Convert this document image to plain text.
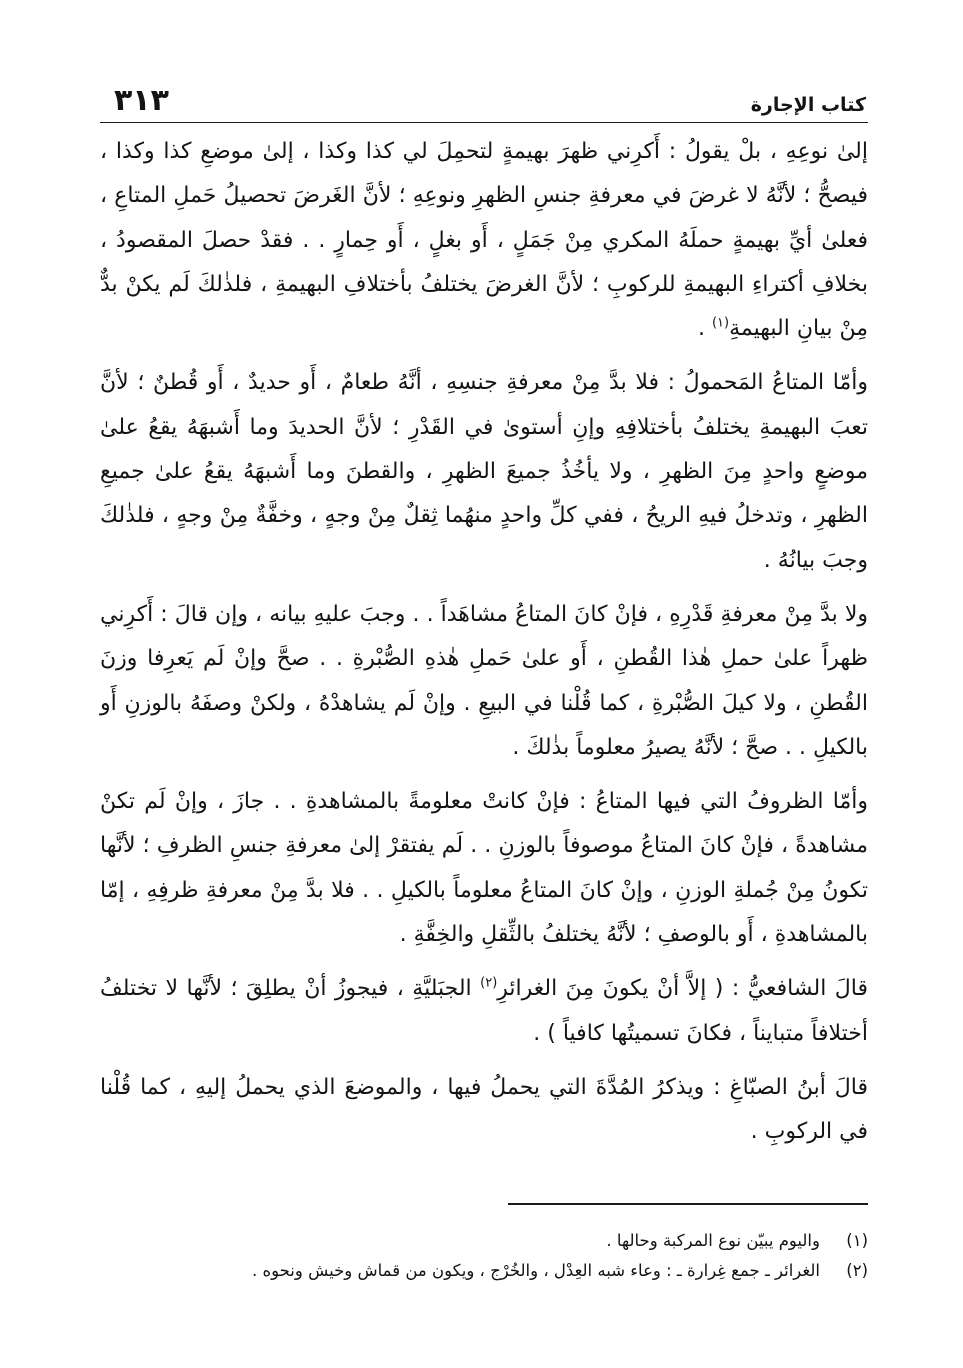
٣١٣	كتاب الإجارة

إلىٰ نوعِهِ ، بلْ يقولُ : أَكرِني ظهرَ بهيمةٍ لتحمِلَ لي كذا وكذا ، إلىٰ موضعِ كذا وكذا ، فيصحُّ ؛ لأنَّهُ لا غرضَ في معرفةِ جنسِ الظهرِ ونوعِهِ ؛ لأنَّ الغَرضَ تحصيلُ حَملِ المتاعِ ، فعلىٰ أيِّ بهيمةٍ حملَهُ المكري مِنْ جَمَلٍ ، أَو بغلٍ ، أَو حِمارٍ . . فقدْ حصلَ المقصودُ ، بخلافِ أكتراءِ البهيمةِ للركوبِ ؛ لأنَّ الغرضَ يختلفُ بأختلافِ البهيمةِ ، فلذٰلكَ لَم يكنْ بدٌّ مِنْ بيانِ البهيمةِ$^{(١)}$ .

وأمّا المتاعُ المَحمولُ : فلا بدَّ مِنْ معرفةِ جنسِهِ ، أنَّهُ طعامٌ ، أَو حديدٌ ، أَو قُطنٌ ؛ لأنَّ تعبَ البهيمةِ يختلفُ بأختلافِهِ وإنِ أستوىٰ في القَدْرِ ؛ لأنَّ الحديدَ وما أَشبهَهُ يقعُ علىٰ موضعٍ واحدٍ مِنَ الظهرِ ، ولا يأخُذُ جميعَ الظهرِ ، والقطنَ وما أَشبهَهُ يقعُ علىٰ جميعِ الظهرِ ، وتدخلُ فيهِ الريحُ ، ففي كلِّ واحدٍ منهُما ثِقلٌ مِنْ وجهٍ ، وخفَّةٌ مِنْ وجهٍ ، فلذٰلكَ وجبَ بيانُهُ .

ولا بدَّ مِنْ معرفةِ قَدْرِهِ ، فإنْ كانَ المتاعُ مشاهَداً . . وجبَ عليهِ بيانه ، وإن قالَ : أَكرِني ظهراً علىٰ حملِ هٰذا القُطنِ ، أَو علىٰ حَملِ هٰذهِ الصُّبْرةِ . . صحَّ وإنْ لَم يَعرِفا وزنَ القُطنِ ، ولا كيلَ الصُّبْرةِ ، كما قُلْنا في البيعِ . وإنْ لَم يشاهدْهُ ، ولكنْ وصفَهُ بالوزنِ أَو بالكيلِ . . صحَّ ؛ لأنَّهُ يصيرُ معلوماً بذٰلكَ .

وأمّا الظروفُ التي فيها المتاعُ : فإنْ كانتْ معلومةً بالمشاهدةِ . . جازَ ، وإنْ لَم تكنْ مشاهدةً ، فإنْ كانَ المتاعُ موصوفاً بالوزنِ . . لَم يفتقرْ إلىٰ معرفةِ جنسِ الظرفِ ؛ لأنَّها تكونُ مِنْ جُملةِ الوزنِ ، وإنْ كانَ المتاعُ معلوماً بالكيلِ . . فلا بدَّ مِنْ معرفةِ ظرفِهِ ، إمّا بالمشاهدةِ ، أَو بالوصفِ ؛ لأنَّهُ يختلفُ بالثِّقلِ والخِفَّةِ .

قالَ الشافعيُّ : ( إلاَّ أنْ يكونَ مِنَ الغرائرِ$^{(٢)}$ الجبَليَّةِ ، فيجوزُ أنْ يطلِقَ ؛ لأنَّها لا تختلفُ أختلافاً متبايناً ، فكانَ تسميتُها كافياً ) .

قالَ أبنُ الصبّاغِ : ويذكرُ المُدَّةَ التي يحملُ فيها ، والموضعَ الذي يحملُ إليهِ ، كما قُلْنا في الركوبِ .

(١)
واليوم يبيّن نوع المركبة وحالها .
(٢)
الغرائر ـ جمع غِرارة ـ : وعاء شبه العِدْل ، والخُرْج ، ويكون من قماش وخيش ونحوه .
